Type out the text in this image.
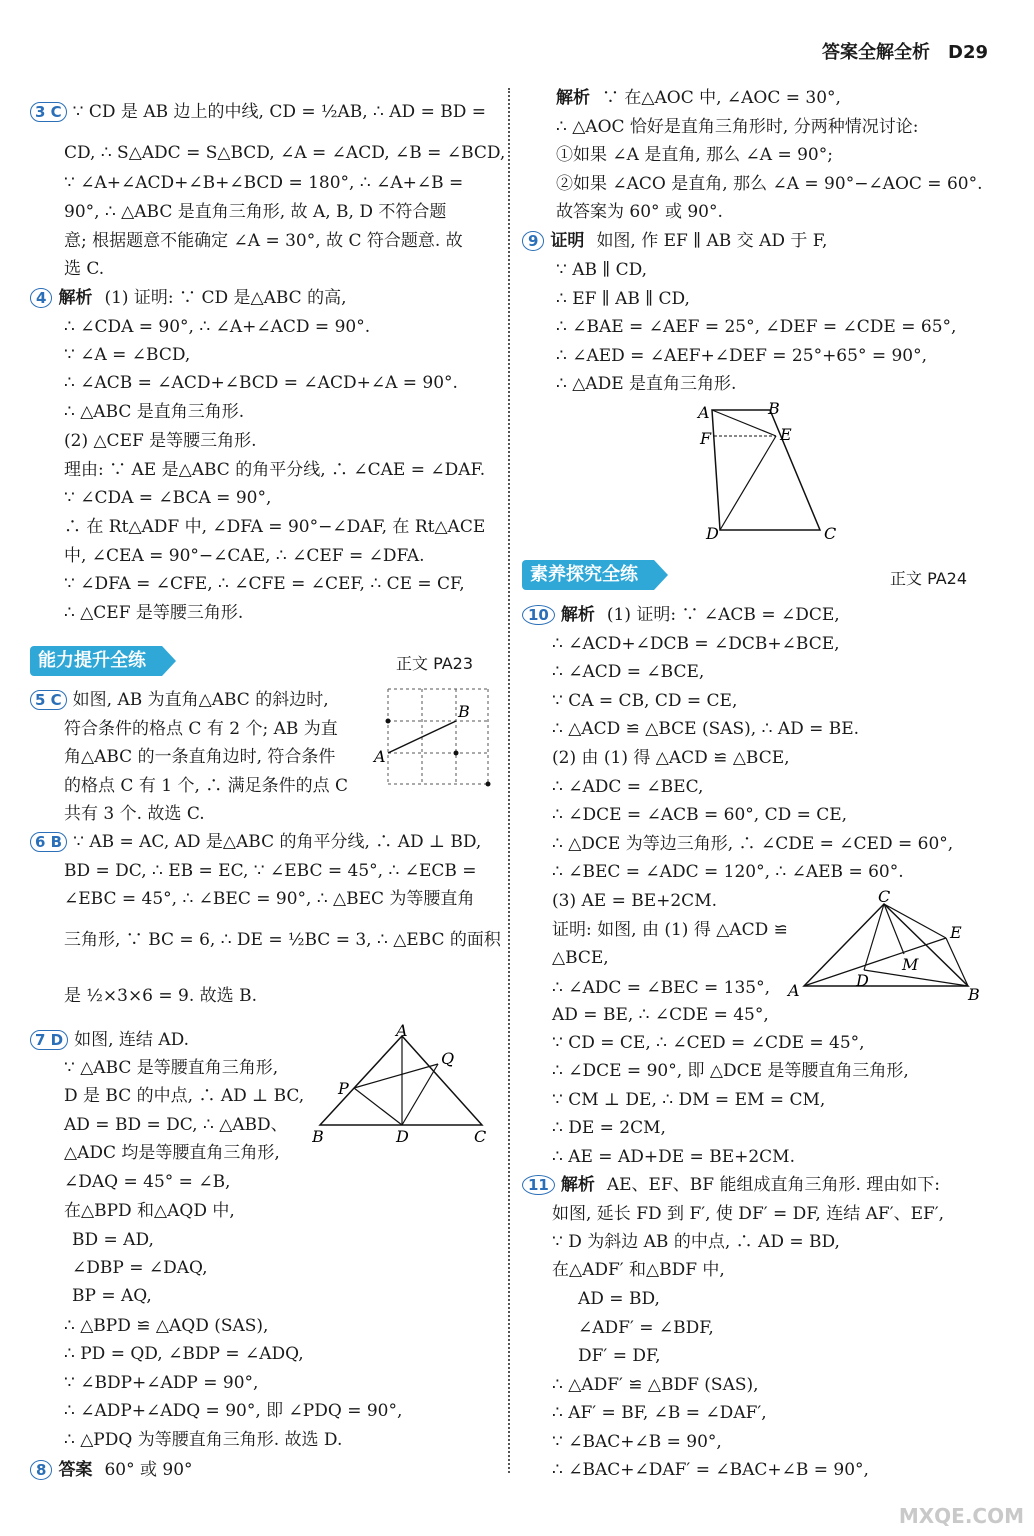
答案全解全析 D29
3 C ∵ CD 是 AB 边上的中线, CD = ½AB, ∴ AD = BD =
CD, ∴ S△ADC = S△BCD, ∠A = ∠ACD, ∠B = ∠BCD,
∵ ∠A+∠ACD+∠B+∠BCD = 180°, ∴ ∠A+∠B =
90°, ∴ △ABC 是直角三角形, 故 A, B, D 不符合题
意; 根据题意不能确定 ∠A = 30°, 故 C 符合题意. 故
选 C.
4 解析 (1) 证明: ∵ CD 是△ABC 的高,
∴ ∠CDA = 90°, ∴ ∠A+∠ACD = 90°.
∵ ∠A = ∠BCD,
∴ ∠ACB = ∠ACD+∠BCD = ∠ACD+∠A = 90°.
∴ △ABC 是直角三角形.
(2) △CEF 是等腰三角形.
理由: ∵ AE 是△ABC 的角平分线, ∴ ∠CAE = ∠DAF.
∵ ∠CDA = ∠BCA = 90°,
∴ 在 Rt△ADF 中, ∠DFA = 90°−∠DAF, 在 Rt△ACE
中, ∠CEA = 90°−∠CAE, ∴ ∠CEF = ∠DFA.
∵ ∠DFA = ∠CFE, ∴ ∠CFE = ∠CEF, ∴ CE = CF,
∴ △CEF 是等腰三角形.
能力提升全练	正文 PA23
5 C 如图, AB 为直角△ABC 的斜边时,
符合条件的格点 C 有 2 个; AB 为直
角△ABC 的一条直角边时, 符合条件
的格点 C 有 1 个, ∴ 满足条件的点 C
共有 3 个. 故选 C.
A
B
6 B ∵ AB = AC, AD 是△ABC 的角平分线, ∴ AD ⊥ BD,
BD = DC, ∴ EB = EC, ∵ ∠EBC = 45°, ∴ ∠ECB =
∠EBC = 45°, ∴ ∠BEC = 90°, ∴ △BEC 为等腰直角
三角形, ∵ BC = 6, ∴ DE = ½BC = 3, ∴ △EBC 的面积
是 ½×3×6 = 9. 故选 B.
7 D 如图, 连结 AD.
∵ △ABC 是等腰直角三角形,
D 是 BC 的中点, ∴ AD ⊥ BC,
AD = BD = DC, ∴ △ABD、
△ADC 均是等腰直角三角形,
∠DAQ = 45° = ∠B,
在△BPD 和△AQD 中,
BD = AD,
∠DBP = ∠DAQ,
BP = AQ,
∴ △BPD ≌ △AQD (SAS),
∴ PD = QD, ∠BDP = ∠ADQ,
∵ ∠BDP+∠ADP = 90°,
∴ ∠ADP+∠ADQ = 90°, 即 ∠PDQ = 90°,
∴ △PDQ 为等腰直角三角形. 故选 D.
A
B	C
D
P
Q
8 答案 60° 或 90°
解析 ∵ 在△AOC 中, ∠AOC = 30°,
∴ △AOC 恰好是直角三角形时, 分两种情况讨论:
①如果 ∠A 是直角, 那么 ∠A = 90°;
②如果 ∠ACO 是直角, 那么 ∠A = 90°−∠AOC = 60°.
故答案为 60° 或 90°.
9 证明 如图, 作 EF ∥ AB 交 AD 于 F,
∵ AB ∥ CD,
∴ EF ∥ AB ∥ CD,
∴ ∠BAE = ∠AEF = 25°, ∠DEF = ∠CDE = 65°,
∴ ∠AED = ∠AEF+∠DEF = 25°+65° = 90°,
∴ △ADE 是直角三角形.
A	B
C
D
E
F
素养探究全练	正文 PA24
10 解析 (1) 证明: ∵ ∠ACB = ∠DCE,
∴ ∠ACD+∠DCB = ∠DCB+∠BCE,
∴ ∠ACD = ∠BCE,
∵ CA = CB, CD = CE,
∴ △ACD ≌ △BCE (SAS), ∴ AD = BE.
(2) 由 (1) 得 △ACD ≌ △BCE,
∴ ∠ADC = ∠BEC,
∴ ∠DCE = ∠ACB = 60°, CD = CE,
∴ △DCE 为等边三角形, ∴ ∠CDE = ∠CED = 60°,
∴ ∠BEC = ∠ADC = 120°, ∴ ∠AEB = 60°.
(3) AE = BE+2CM.
证明: 如图, 由 (1) 得 △ACD ≌
△BCE,
∴ ∠ADC = ∠BEC = 135°,
AD = BE, ∴ ∠CDE = 45°,
∵ CD = CE, ∴ ∠CED = ∠CDE = 45°,
∴ ∠DCE = 90°, 即 △DCE 是等腰直角三角形,
∵ CM ⊥ DE, ∴ DM = EM = CM,
∴ DE = 2CM,
∴ AE = AD+DE = BE+2CM.
C
A	B
D
E
M
11 解析 AE、EF、BF 能组成直角三角形. 理由如下:
如图, 延长 FD 到 F′, 使 DF′ = DF, 连结 AF′、EF′,
∵ D 为斜边 AB 的中点, ∴ AD = BD,
在△ADF′ 和△BDF 中,
AD = BD,
∠ADF′ = ∠BDF,
DF′ = DF,
∴ △ADF′ ≌ △BDF (SAS),
∴ AF′ = BF, ∠B = ∠DAF′,
∵ ∠BAC+∠B = 90°,
∴ ∠BAC+∠DAF′ = ∠BAC+∠B = 90°,
MXQE.COM
